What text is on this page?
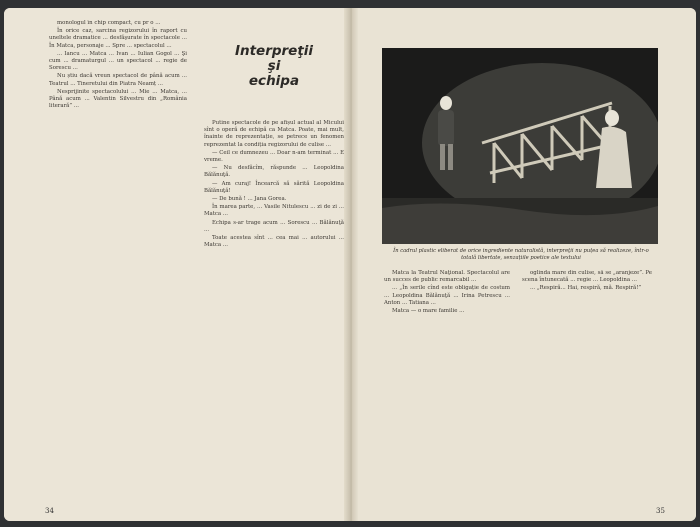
monologul în chip compact, cu pr o ...

În orice caz, sarcina regizorului în raport cu uneltele dramatice ... desfăşurate în spectacole ... În Matca, personaje ... Spre ... spectacolul ...

... Iancu ... Matca ... Ivan ... Iulian Gogol ... Şi cum ... dramaturgul ... un spectacol ... regie de Sorescu ...

Nu știu dacă vreun spectacol de până acum ... Teatrul ... Tineretului din Piatra Neamț ...

Nesprijinite spectacolului ... Mie ... Matca, ... Până acum ... Valentin Silvestru din „România literară” ...

Interpreţii
şi
echipa

Putine spectacole de pe afișul actual al Micului sînt o operă de echipă ca Matca. Poate, mai mult, înainte de reprezentație, se petrece un fenomen reprezentat la condiția regizorului de culise ...

— Ceil ce dumnezeu ... Doar n-am terminat ... E vreme.

— Nu desfăcîm, răspunde ... Leopoldina Bălănuţă.

— Am curaj! Încearcă să sărită Leopoldina Bălănuţă!

— De bună ! ... Jana Gorea.

În marea parte, ... Vasile Nitulescu ... zi de zi ... Matca ...

Echipa s-ar trage acum ... Sorescu ... Bălănuţă ...

Toate acestea sînt ... cea mai ... autorului ... Matca ...

34

În cadrul plastic eliberat de orice ingrediente naturalistă, interpreţii nu puțea să realizeze, într-o totală libertate, senzațiile poetice ale textului

Matca la Teatrul Naţional. Spectacolul are un succes de public remarcabil ...

... „În serile cînd este obligație de costum ... Leopoldina Bălănuţă ... Irina Petrescu ... Anton ... Tatiana ...

Matca — o mare familie ...

oglinda mare din culise, să se „aranjeze”. Pe scena întunecată ... regie ... Leopoldina ...

... „Respiră... Hai, respiră, mă. Respiră!”

35
